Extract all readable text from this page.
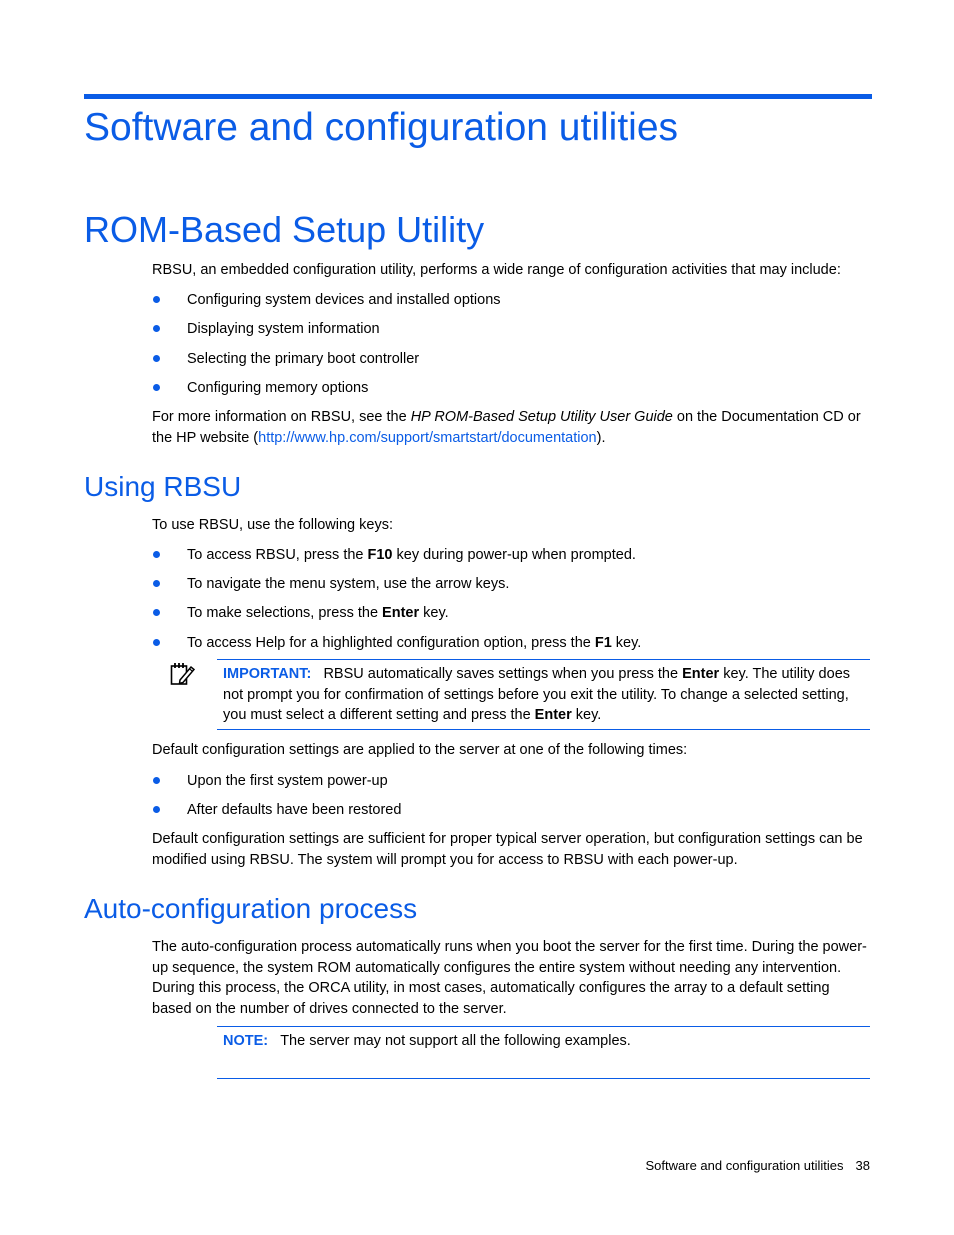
Software and configuration utilities
ROM-Based Setup Utility
RBSU, an embedded configuration utility, performs a wide range of configuration activities that may include:
Configuring system devices and installed options
Displaying system information
Selecting the primary boot controller
Configuring memory options
For more information on RBSU, see the HP ROM-Based Setup Utility User Guide on the Documentation CD or the HP website (http://www.hp.com/support/smartstart/documentation).
Using RBSU
To use RBSU, use the following keys:
To access RBSU, press the F10 key during power-up when prompted.
To navigate the menu system, use the arrow keys.
To make selections, press the Enter key.
To access Help for a highlighted configuration option, press the F1 key.
IMPORTANT: RBSU automatically saves settings when you press the Enter key. The utility does not prompt you for confirmation of settings before you exit the utility. To change a selected setting, you must select a different setting and press the Enter key.
Default configuration settings are applied to the server at one of the following times:
Upon the first system power-up
After defaults have been restored
Default configuration settings are sufficient for proper typical server operation, but configuration settings can be modified using RBSU. The system will prompt you for access to RBSU with each power-up.
Auto-configuration process
The auto-configuration process automatically runs when you boot the server for the first time. During the power-up sequence, the system ROM automatically configures the entire system without needing any intervention. During this process, the ORCA utility, in most cases, automatically configures the array to a default setting based on the number of drives connected to the server.
NOTE: The server may not support all the following examples.
Software and configuration utilities 38
